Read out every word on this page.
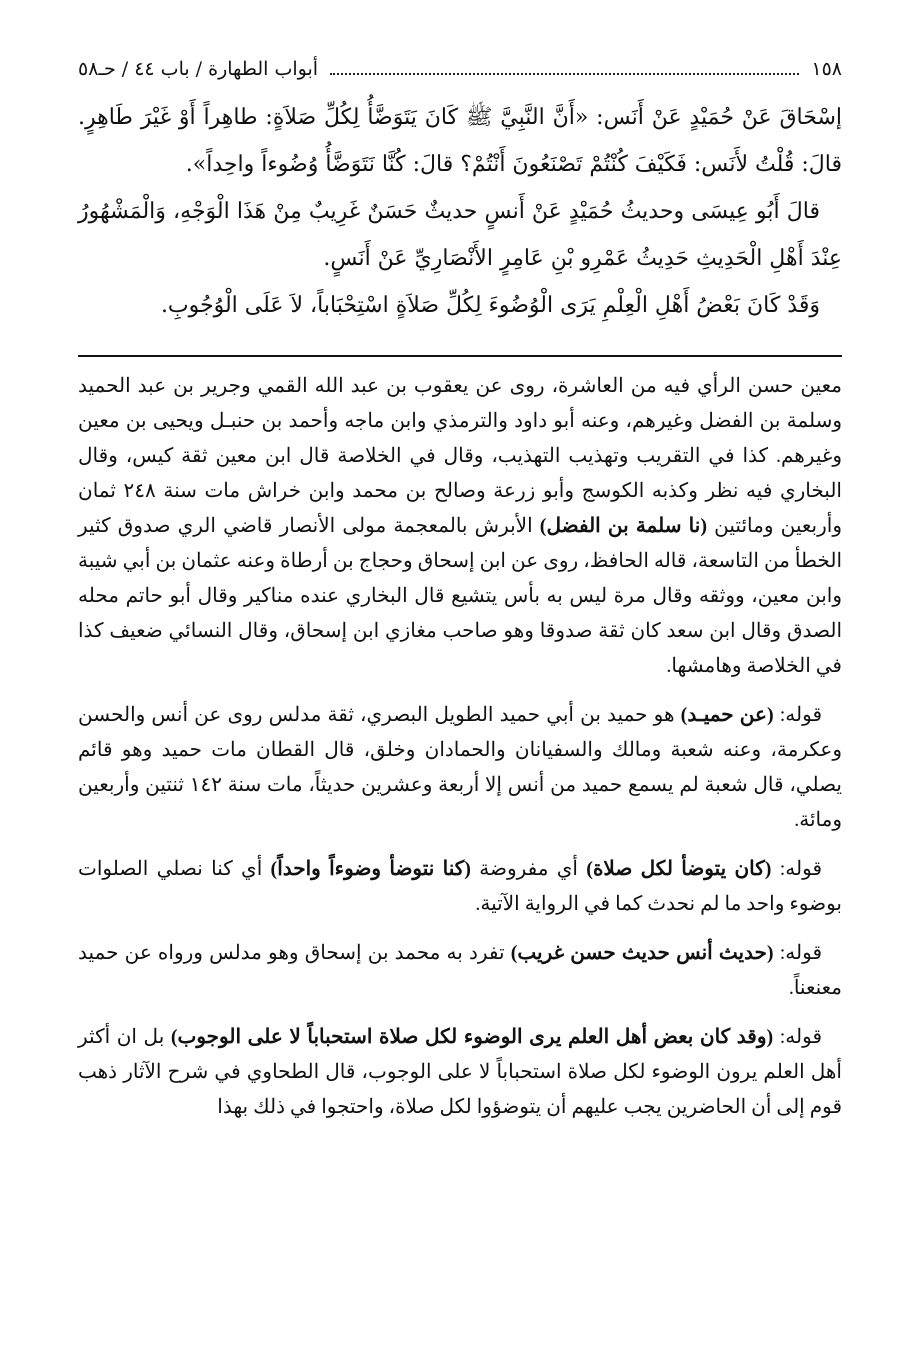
١٥٨
أبواب الطهارة / باب ٤٤ / حـ٥٨

إسْحَاقَ عَنْ حُمَيْدٍ عَنْ أَنَس: «أَنَّ النَّبِيَّ ﷺ كَانَ يَتَوَضَّأُ لِكُلِّ صَلاَةٍ: طاهِراً أَوْ غَيْرَ طَاهِرٍ. قالَ: قُلْتُ لأَنَس: فَكَيْفَ كُنْتُمْ تَصْنَعُونَ أَنْتُمْ؟ قالَ: كُنَّا نَتَوَضَّأُ وُضُوءاً واحِداً».

قالَ أَبُو عِيسَى وحديثُ حُمَيْدٍ عَنْ أَنسٍ حديثٌ حَسَنٌ غَرِيبٌ مِنْ هَذَا الْوَجْهِ، وَالْمَشْهُورُ عِنْدَ أَهْلِ الْحَدِيثِ حَدِيثُ عَمْرِو بْنِ عَامِرٍ الأَنْصَارِيِّ عَنْ أَنَسٍ.

وَقَدْ كَانَ بَعْضُ أَهْلِ الْعِلْمِ يَرَى الْوُضُوءَ لِكُلِّ صَلاَةٍ اسْتِحْبَاباً، لاَ عَلَى الْوُجُوبِ.

معين حسن الرأي فيه من العاشرة، روى عن يعقوب بن عبد الله القمي وجرير بن عبد الحميد وسلمة بن الفضل وغيرهم، وعنه أبو داود والترمذي وابن ماجه وأحمد بن حنبـل ويحيى بن معين وغيرهم. كذا في التقريب وتهذيب التهذيب، وقال في الخلاصة قال ابن معين ثقة كيس، وقال البخاري فيه نظر وكذبه الكوسج وأبو زرعة وصالح بن محمد وابن خراش مات سنة ٢٤٨ ثمان وأربعين ومائتين (نا سلمة بن الفضل) الأبرش بالمعجمة مولى الأنصار قاضي الري صدوق كثير الخطأ من التاسعة، قاله الحافظ، روى عن ابن إسحاق وحجاج بن أرطاة وعنه عثمان بن أبي شيبة وابن معين، ووثقه وقال مرة ليس به بأس يتشيع قال البخاري عنده مناكير وقال أبو حاتم محله الصدق وقال ابن سعد كان ثقة صدوقا وهو صاحب مغازي ابن إسحاق، وقال النسائي ضعيف كذا في الخلاصة وهامشها.

قوله: (عن حميـد) هو حميد بن أبي حميد الطويل البصري، ثقة مدلس روى عن أنس والحسن وعكرمة، وعنه شعبة ومالك والسفيانان والحمادان وخلق، قال القطان مات حميد وهو قائم يصلي، قال شعبة لم يسمع حميد من أنس إلا أربعة وعشرين حديثاً، مات سنة ١٤٢ ثنتين وأربعين ومائة.

قوله: (كان يتوضأ لكل صلاة) أي مفروضة (كنا نتوضأ وضوءاً واحداً) أي كنا نصلي الصلوات بوضوء واحد ما لم نحدث كما في الرواية الآتية.

قوله: (حديث أنس حديث حسن غريب) تفرد به محمد بن إسحاق وهو مدلس ورواه عن حميد معنعناً.

قوله: (وقد كان بعض أهل العلم يرى الوضوء لكل صلاة استحباباً لا على الوجوب) بل ان أكثر أهل العلم يرون الوضوء لكل صلاة استحباباً لا على الوجوب، قال الطحاوي في شرح الآثار ذهب قوم إلى أن الحاضرين يجب عليهم أن يتوضؤوا لكل صلاة، واحتجوا في ذلك بهذا
